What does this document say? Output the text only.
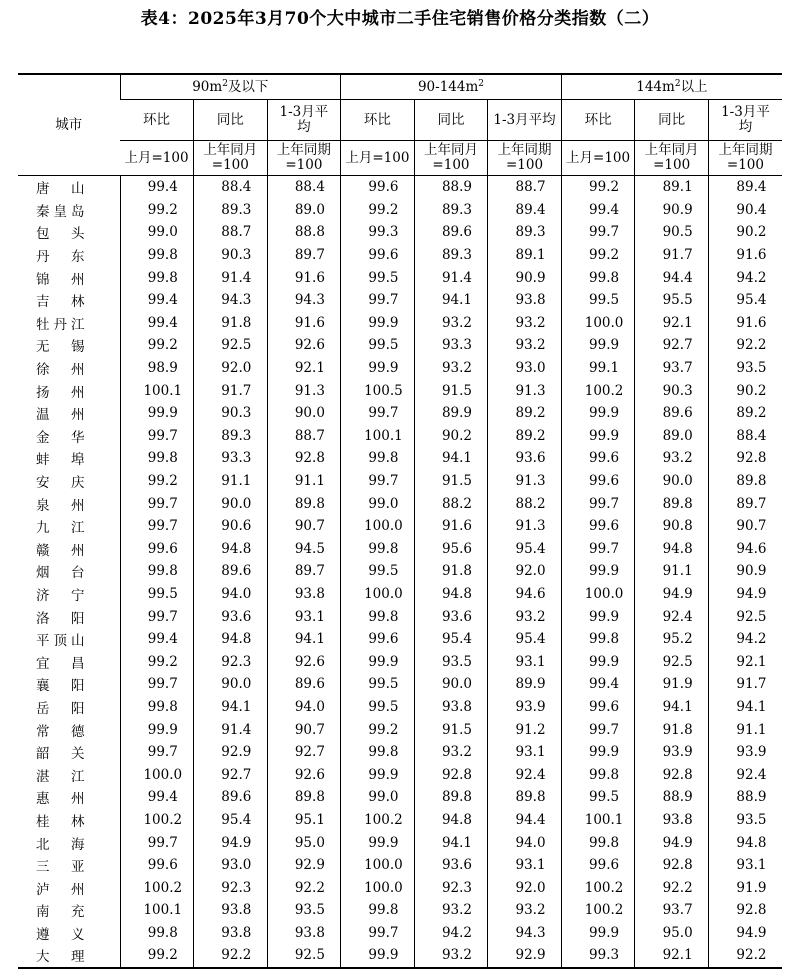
表4：2025年3月70个大中城市二手住宅销售价格分类指数（二）
城市	$90m^2$及以下			$90-144m^2$			$144m^2$以上		
	环比	同比	1-3月平均	环比	同比	1-3月平均	环比	同比	1-3月平均
	上月=100	上年同月=100	上年同期=100	上月=100	上年同月=100	上年同期=100	上月=100	上年同月=100	上年同期=100
唐山	99.4	88.4	88.4	99.6	88.9	88.7	99.2	89.1	89.4
秦皇岛	99.2	89.3	89.0	99.2	89.3	89.4	99.4	90.9	90.4
包头	99.0	88.7	88.8	99.3	89.6	89.3	99.7	90.5	90.2
丹东	99.8	90.3	89.7	99.6	89.3	89.1	99.2	91.7	91.6
锦州	99.8	91.4	91.6	99.5	91.4	90.9	99.8	94.4	94.2
吉林	99.4	94.3	94.3	99.7	94.1	93.8	99.5	95.5	95.4
牡丹江	99.4	91.8	91.6	99.9	93.2	93.2	100.0	92.1	91.6
无锡	99.2	92.5	92.6	99.5	93.3	93.2	99.9	92.7	92.2
徐州	98.9	92.0	92.1	99.9	93.2	93.0	99.1	93.7	93.5
扬州	100.1	91.7	91.3	100.5	91.5	91.3	100.2	90.3	90.2
温州	99.9	90.3	90.0	99.7	89.9	89.2	99.9	89.6	89.2
金华	99.7	89.3	88.7	100.1	90.2	89.2	99.9	89.0	88.4
蚌埠	99.8	93.3	92.8	99.8	94.1	93.6	99.6	93.2	92.8
安庆	99.2	91.1	91.1	99.7	91.5	91.3	99.6	90.0	89.8
泉州	99.7	90.0	89.8	99.0	88.2	88.2	99.7	89.8	89.7
九江	99.7	90.6	90.7	100.0	91.6	91.3	99.6	90.8	90.7
赣州	99.6	94.8	94.5	99.8	95.6	95.4	99.7	94.8	94.6
烟台	99.8	89.6	89.7	99.5	91.8	92.0	99.9	91.1	90.9
济宁	99.5	94.0	93.8	100.0	94.8	94.6	100.0	94.9	94.9
洛阳	99.7	93.6	93.1	99.8	93.6	93.2	99.9	92.4	92.5
平顶山	99.4	94.8	94.1	99.6	95.4	95.4	99.8	95.2	94.2
宜昌	99.2	92.3	92.6	99.9	93.5	93.1	99.9	92.5	92.1
襄阳	99.7	90.0	89.6	99.5	90.0	89.9	99.4	91.9	91.7
岳阳	99.8	94.1	94.0	99.5	93.8	93.9	99.6	94.1	94.1
常德	99.9	91.4	90.7	99.2	91.5	91.2	99.7	91.8	91.1
韶关	99.7	92.9	92.7	99.8	93.2	93.1	99.9	93.9	93.9
湛江	100.0	92.7	92.6	99.9	92.8	92.4	99.8	92.8	92.4
惠州	99.4	89.6	89.8	99.0	89.8	89.8	99.5	88.9	88.9
桂林	100.2	95.4	95.1	100.2	94.8	94.4	100.1	93.8	93.5
北海	99.7	94.9	95.0	99.9	94.1	94.0	99.8	94.9	94.8
三亚	99.6	93.0	92.9	100.0	93.6	93.1	99.6	92.8	93.1
泸州	100.2	92.3	92.2	100.0	92.3	92.0	100.2	92.2	91.9
南充	100.1	93.8	93.5	99.8	93.2	93.2	100.2	93.7	92.8
遵义	99.8	93.8	93.8	99.7	94.2	94.3	99.9	95.0	94.9
大理	99.2	92.2	92.5	99.9	93.2	92.9	99.3	92.1	92.2
